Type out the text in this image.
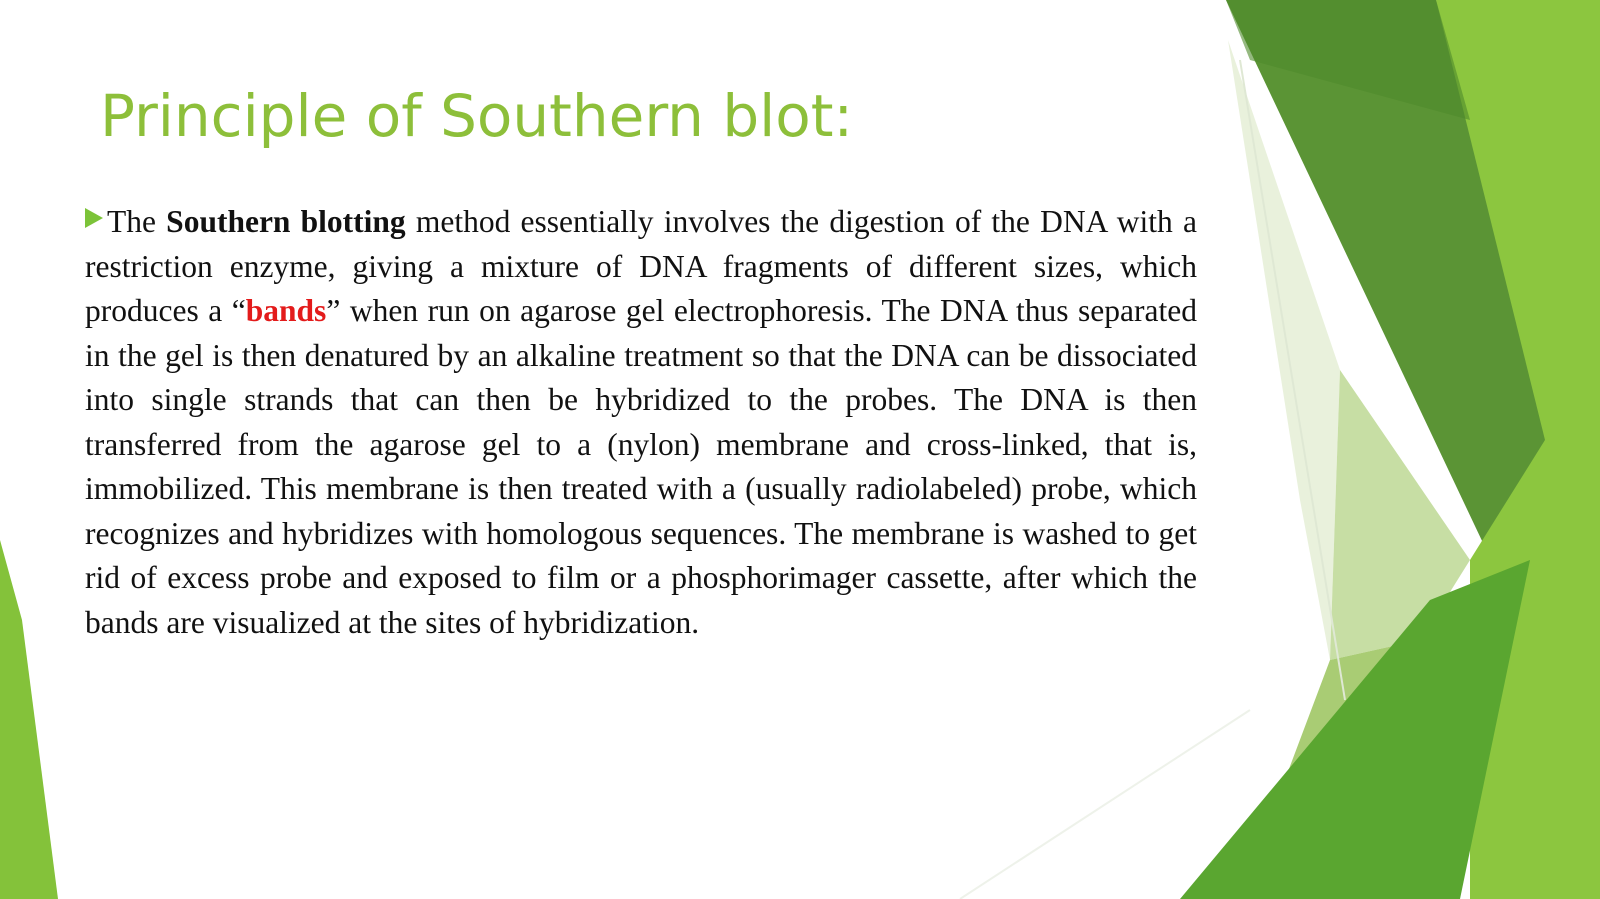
Principle of Southern blot:

The Southern blotting method essentially involves the digestion of the DNA with a restriction enzyme, giving a mixture of DNA fragments of different sizes, which produces a “bands” when run on agarose gel electrophoresis. The DNA thus separated in the gel is then denatured by an alkaline treatment so that the DNA can be dissociated into single strands that can then be hybridized to the probes. The DNA is then transferred from the agarose gel to a (nylon) membrane and cross-linked, that is, immobilized. This membrane is then treated with a (usually radiolabeled) probe, which recognizes and hybridizes with homologous sequences. The membrane is washed to get rid of excess probe and exposed to film or a phosphorimager cassette, after which the bands are visualized at the sites of hybridization.
